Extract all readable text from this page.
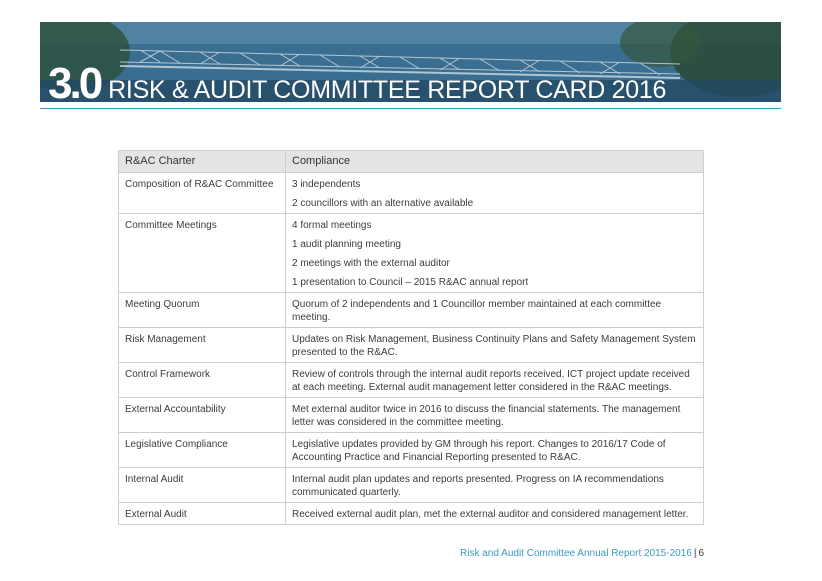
3.0 RISK & AUDIT COMMITTEE REPORT CARD 2016
R&AC Charter	Compliance
Composition of R&AC Committee	3 independents
2 councillors with an alternative available

Committee Meetings	4 formal meetings
1 audit planning meeting
2 meetings with the external auditor
1 presentation to Council – 2015 R&AC annual report

Meeting Quorum	Quorum of 2 independents and 1 Councillor member maintained at each committee meeting.
Risk Management	Updates on Risk Management, Business Continuity Plans and Safety Management System presented to the R&AC.
Control Framework	Review of controls through the internal audit reports received. ICT project update received at each meeting. External audit management letter considered in the R&AC meetings.
External Accountability	Met external auditor twice in 2016 to discuss the financial statements. The management letter was considered in the committee meeting.
Legislative Compliance	Legislative updates provided by GM through his report. Changes to 2016/17 Code of Accounting Practice and Financial Reporting presented to R&AC.
Internal Audit	Internal audit plan updates and reports presented. Progress on IA recommendations communicated quarterly.
External Audit	Received external audit plan, met the external auditor and considered management letter.
Risk and Audit Committee Annual Report 2015-2016 | 6
